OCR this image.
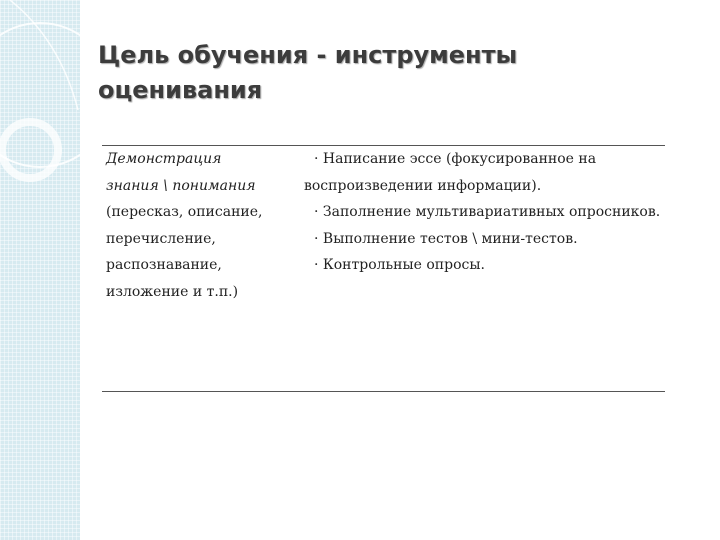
Цель обучения - инструменты
оценивания
Демонстрация
знания \ понимания
(пересказ, описание,
перечисление,
распознавание,
изложение и т.п.)
· Написание эссе (фокусированное на воспроизведении информации).
· Заполнение мультивариативных опросников.
· Выполнение тестов \ мини-тестов.
· Контрольные опросы.
